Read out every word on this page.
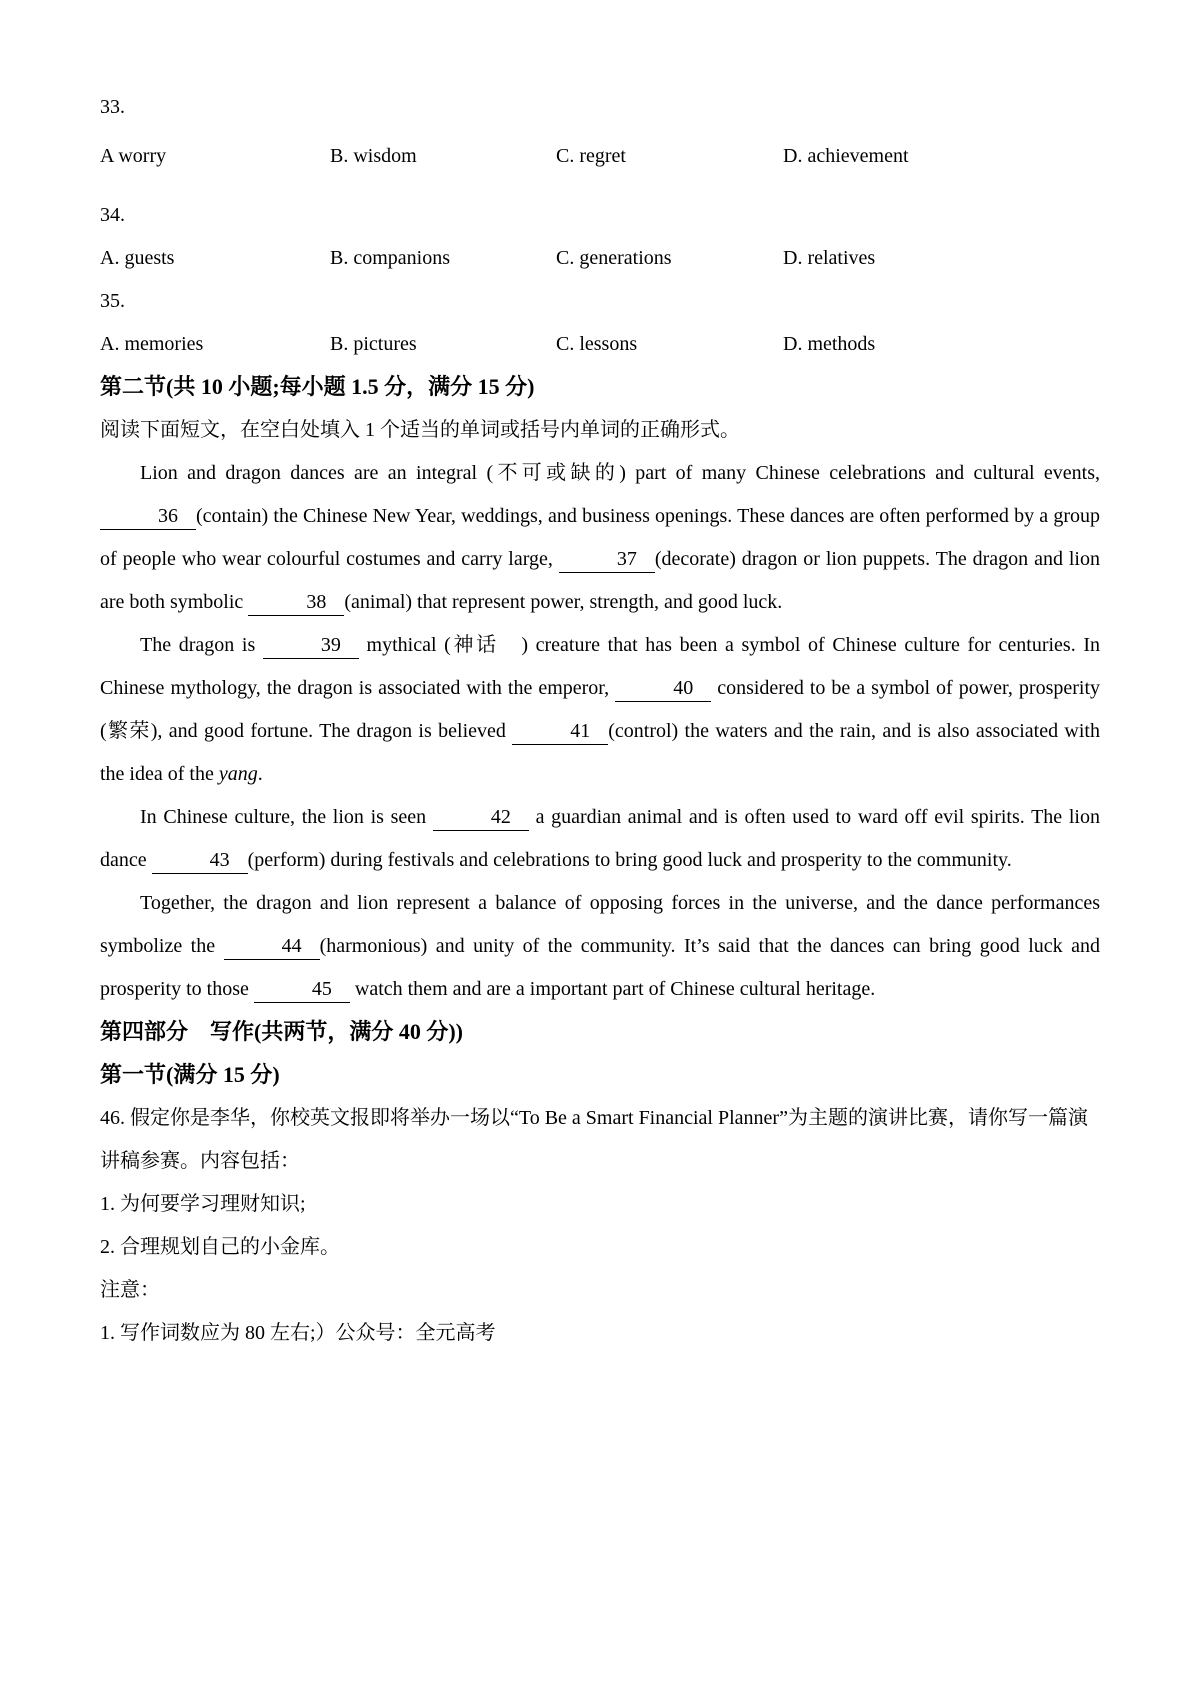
33.

A worry	B. wisdom	C. regret	D. achievement

34.

A. guests	B. companions	C. generations	D. relatives

35.

A. memories	B. pictures	C. lessons	D. methods

第二节(共 10 小题;每小题 1.5 分，满分 15 分)

阅读下面短文，在空白处填入 1 个适当的单词或括号内单词的正确形式。

Lion and dragon dances are an integral (不可或缺的) part of many Chinese celebrations and cultural events, 36 (contain) the Chinese New Year, weddings, and business openings. These dances are often performed by a group of people who wear colourful costumes and carry large,	37 (decorate) dragon or lion puppets. The dragon and lion are both symbolic	38 (animal) that represent power, strength, and good luck.

The dragon is	39 mythical (神话　) creature that has been a symbol of Chinese culture for centuries. In Chinese mythology, the dragon is associated with the emperor,	40 considered to be a symbol of power, prosperity (繁荣), and good fortune. The dragon is believed	41 (control) the waters and the rain, and is also associated with the idea of the yang.

In Chinese culture, the lion is seen	42 a guardian animal and is often used to ward off evil spirits. The lion dance	43 (perform) during festivals and celebrations to bring good luck and prosperity to the community.

Together, the dragon and lion represent a balance of opposing forces in the universe, and the dance performances symbolize the	44 (harmonious) and unity of the community. It’s said that the dances can bring good luck and prosperity to those	45 watch them and are a important part of Chinese cultural heritage.

第四部分　写作(共两节，满分 40 分))

第一节(满分 15 分)

46. 假定你是李华，你校英文报即将举办一场以“To Be a Smart Financial Planner”为主题的演讲比赛，请你写一篇演讲稿参赛。内容包括：
1. 为何要学习理财知识;
2. 合理规划自己的小金库。
注意：
1. 写作词数应为 80 左右;）公众号：全元高考
